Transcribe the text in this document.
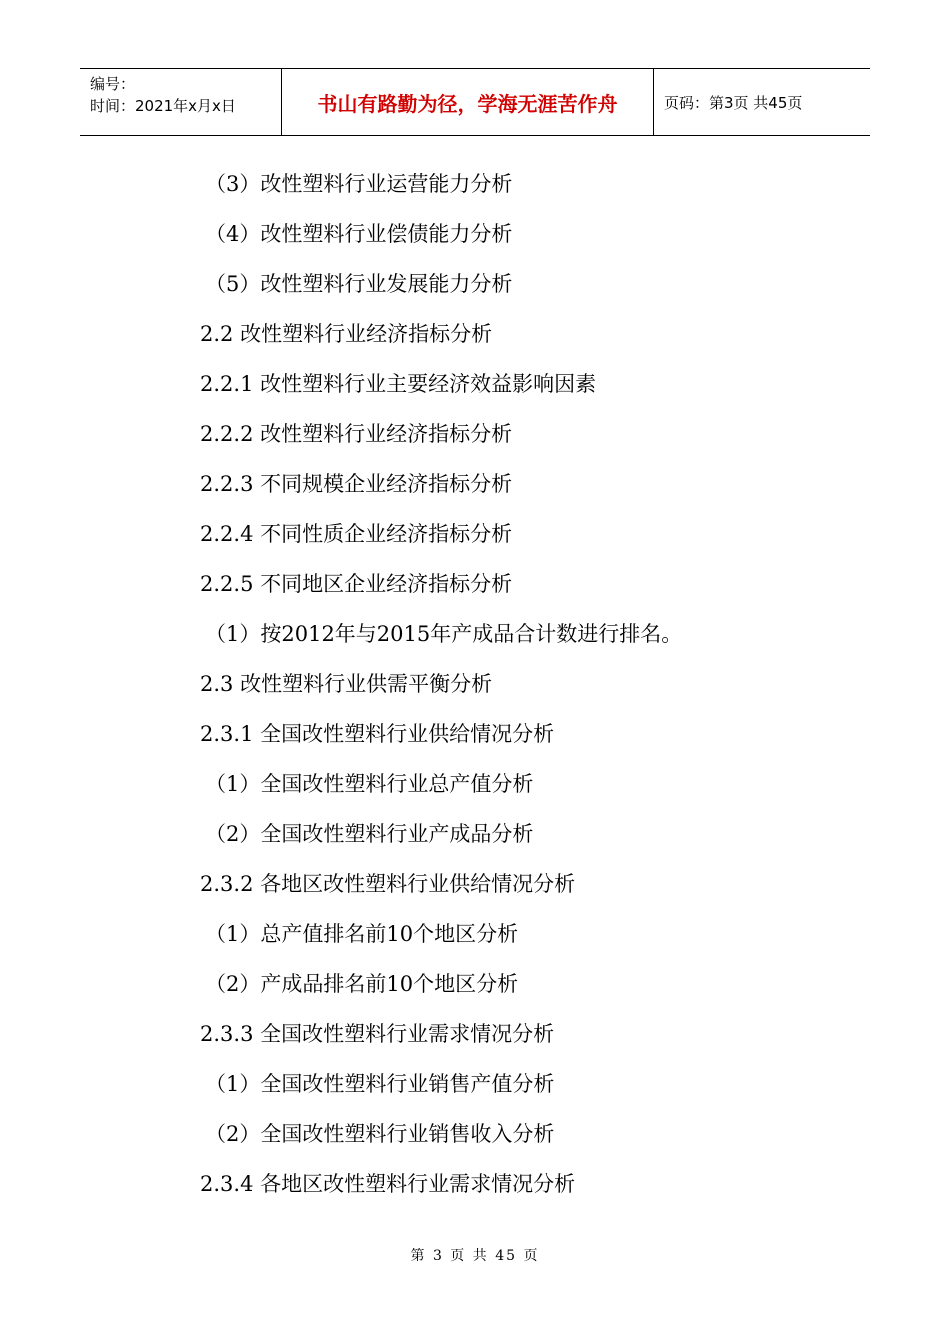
编号：
时间：2021年x月x日	书山有路勤为径，学海无涯苦作舟	页码：第3页 共45页
（3）改性塑料行业运营能力分析
（4）改性塑料行业偿债能力分析
（5）改性塑料行业发展能力分析
2.2 改性塑料行业经济指标分析
2.2.1 改性塑料行业主要经济效益影响因素
2.2.2 改性塑料行业经济指标分析
2.2.3 不同规模企业经济指标分析
2.2.4 不同性质企业经济指标分析
2.2.5 不同地区企业经济指标分析
（1）按2012年与2015年产成品合计数进行排名。
2.3 改性塑料行业供需平衡分析
2.3.1 全国改性塑料行业供给情况分析
（1）全国改性塑料行业总产值分析
（2）全国改性塑料行业产成品分析
2.3.2 各地区改性塑料行业供给情况分析
（1）总产值排名前10个地区分析
（2）产成品排名前10个地区分析
2.3.3 全国改性塑料行业需求情况分析
（1）全国改性塑料行业销售产值分析
（2）全国改性塑料行业销售收入分析
2.3.4 各地区改性塑料行业需求情况分析
第 3 页 共 45 页
